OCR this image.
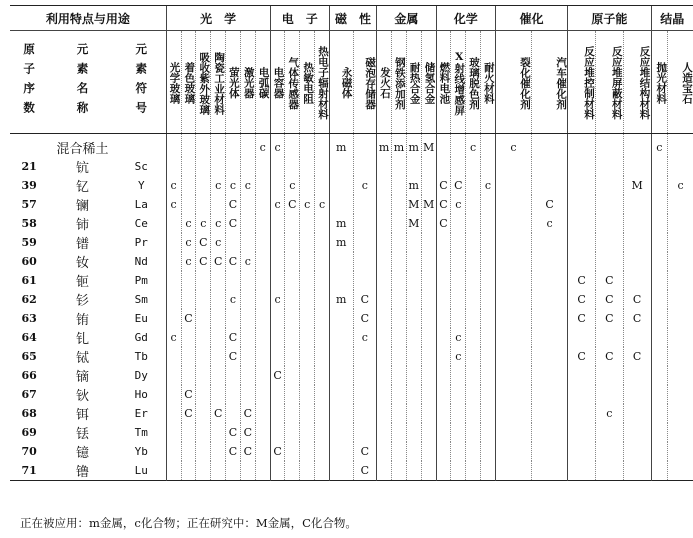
利用特点与用途			光　学							电　子				磁　性		金属				化学				催化		原子能			结晶	
原子序数	元素名称	元素符号	光学玻璃	着色玻璃	吸收紫外玻璃	陶瓷工业材料	萤光体	激光器	电弧碳	电容器	气体传感器	热敏电阻	热电子辐射材料	永磁体	磁泡存储器	发火石	钢铁添加剂	耐热合金	储氢合金	燃料电池	X射线增感屏	玻璃脱色剂	耐火材料	裂化催化剂	汽车催化剂	反应堆控制材料	反应堆屏蔽材料	反应堆结构材料	抛光材料	人造宝石
	混合稀土								c	c				m		m	m	m	M			c		c					c	
21	钪	Sc																												
39	钇	Y	c			c	c	c			c				c			m		C	C		c					M		c
57	镧	La	c				C			c	C	c	c					M	M	C	c				C					
58	铈	Ce		c	c	c	C							m				M		C					c					
59	镨	Pr		c	C	c								m																
60	钕	Nd		c	C	C	C	c																						
61	钷	Pm																								C	C			
62	钐	Sm					c			c				m	C											C	C	C		
63	铕	Eu		C											C											C	C	C		
64	钆	Gd	c				C								c						c									
65	铽	Tb					C														c					C	C	C		
66	镝	Dy								C																				
67	钬	Ho		C																										
68	铒	Er		C		C		C																			c			
69	铥	Tm					C	C																						
70	镱	Yb					C	C		C					C															
71	镥	Lu													C															
正在被应用：m金属，c化合物；正在研究中：M金属，C化合物。
